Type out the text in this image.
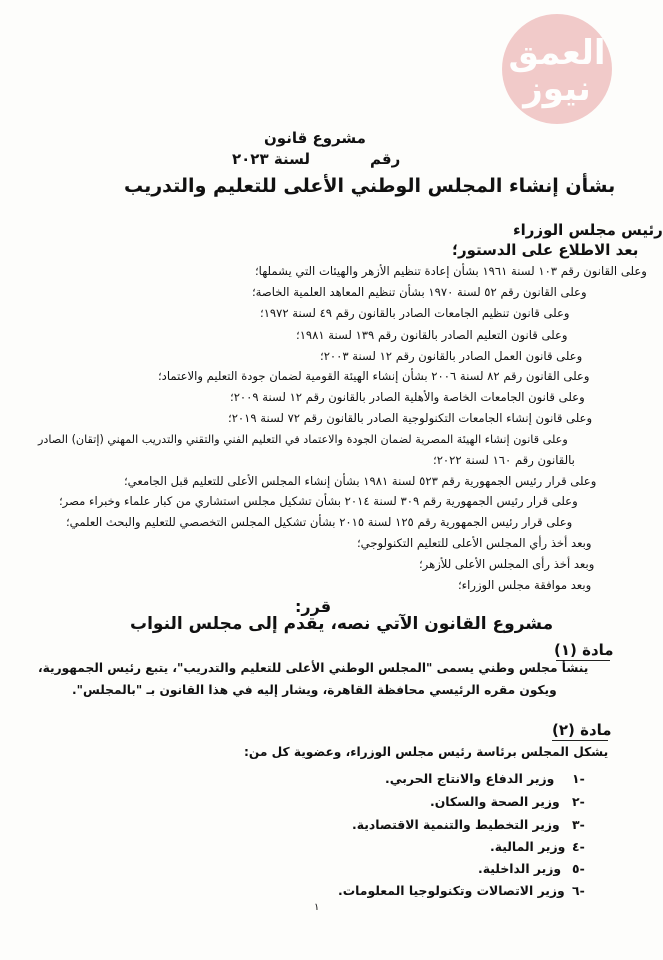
العمق
نيوز
مشروع قانون
رقم
لسنة ٢٠٢٣
بشأن إنشاء المجلس الوطني الأعلى للتعليم والتدريب
رئيس مجلس الوزراء
بعد الاطلاع على الدستور؛
وعلى القانون رقم ١٠٣ لسنة ١٩٦١ بشأن إعادة تنظيم الأزهر والهيئات التي يشملها؛
وعلى القانون رقم ٥٢ لسنة ١٩٧٠ بشأن تنظيم المعاهد العلمية الخاصة؛
وعلى قانون تنظيم الجامعات الصادر بالقانون رقم ٤٩ لسنة ١٩٧٢؛
وعلى قانون التعليم الصادر بالقانون رقم ١٣٩ لسنة ١٩٨١؛
وعلى قانون العمل الصادر بالقانون رقم ١٢ لسنة ٢٠٠٣؛
وعلى القانون رقم ٨٢ لسنة ٢٠٠٦ بشأن إنشاء الهيئة القومية لضمان جودة التعليم والاعتماد؛
وعلى قانون الجامعات الخاصة والأهلية الصادر بالقانون رقم ١٢ لسنة ٢٠٠٩؛
وعلى قانون إنشاء الجامعات التكنولوجية الصادر بالقانون رقم ٧٢ لسنة ٢٠١٩؛
وعلى قانون إنشاء الهيئة المصرية لضمان الجودة والاعتماد في التعليم الفني والتقني والتدريب المهني (إتقان) الصادر
بالقانون رقم ١٦٠ لسنة ٢٠٢٢؛
وعلى قرار رئيس الجمهورية رقم ٥٢٣ لسنة ١٩٨١ بشأن إنشاء المجلس الأعلى للتعليم قبل الجامعي؛
وعلى قرار رئيس الجمهورية رقم ٣٠٩ لسنة ٢٠١٤ بشأن تشكيل مجلس استشاري من كبار علماء وخبراء مصر؛
وعلى قرار رئيس الجمهورية رقم ١٢٥ لسنة ٢٠١٥ بشأن تشكيل المجلس التخصصي للتعليم والبحث العلمي؛
وبعد أخذ رأي المجلس الأعلى للتعليم التكنولوجي؛
وبعد أخذ رأى المجلس الأعلى للأزهر؛
وبعد موافقة مجلس الوزراء؛
قرر:
مشروع القانون الآتي نصه، يقدم إلى مجلس النواب
مادة (١)
ينشأ مجلس وطني يسمى "المجلس الوطني الأعلى للتعليم والتدريب"، يتبع رئيس الجمهورية،
ويكون مقره الرئيسي محافظة القاهرة، ويشار إليه في هذا القانون بـ "بالمجلس".
مادة (٢)
يشكل المجلس برئاسة رئيس مجلس الوزراء، وعضوية كل من:
-١
وزير الدفاع والانتاج الحربي.
-٢
وزير الصحة والسكان.
-٣
وزير التخطيط والتنمية الاقتصادية.
-٤
وزير المالية.
-٥
وزير الداخلية.
-٦
وزير الاتصالات وتكنولوجيا المعلومات.
١
